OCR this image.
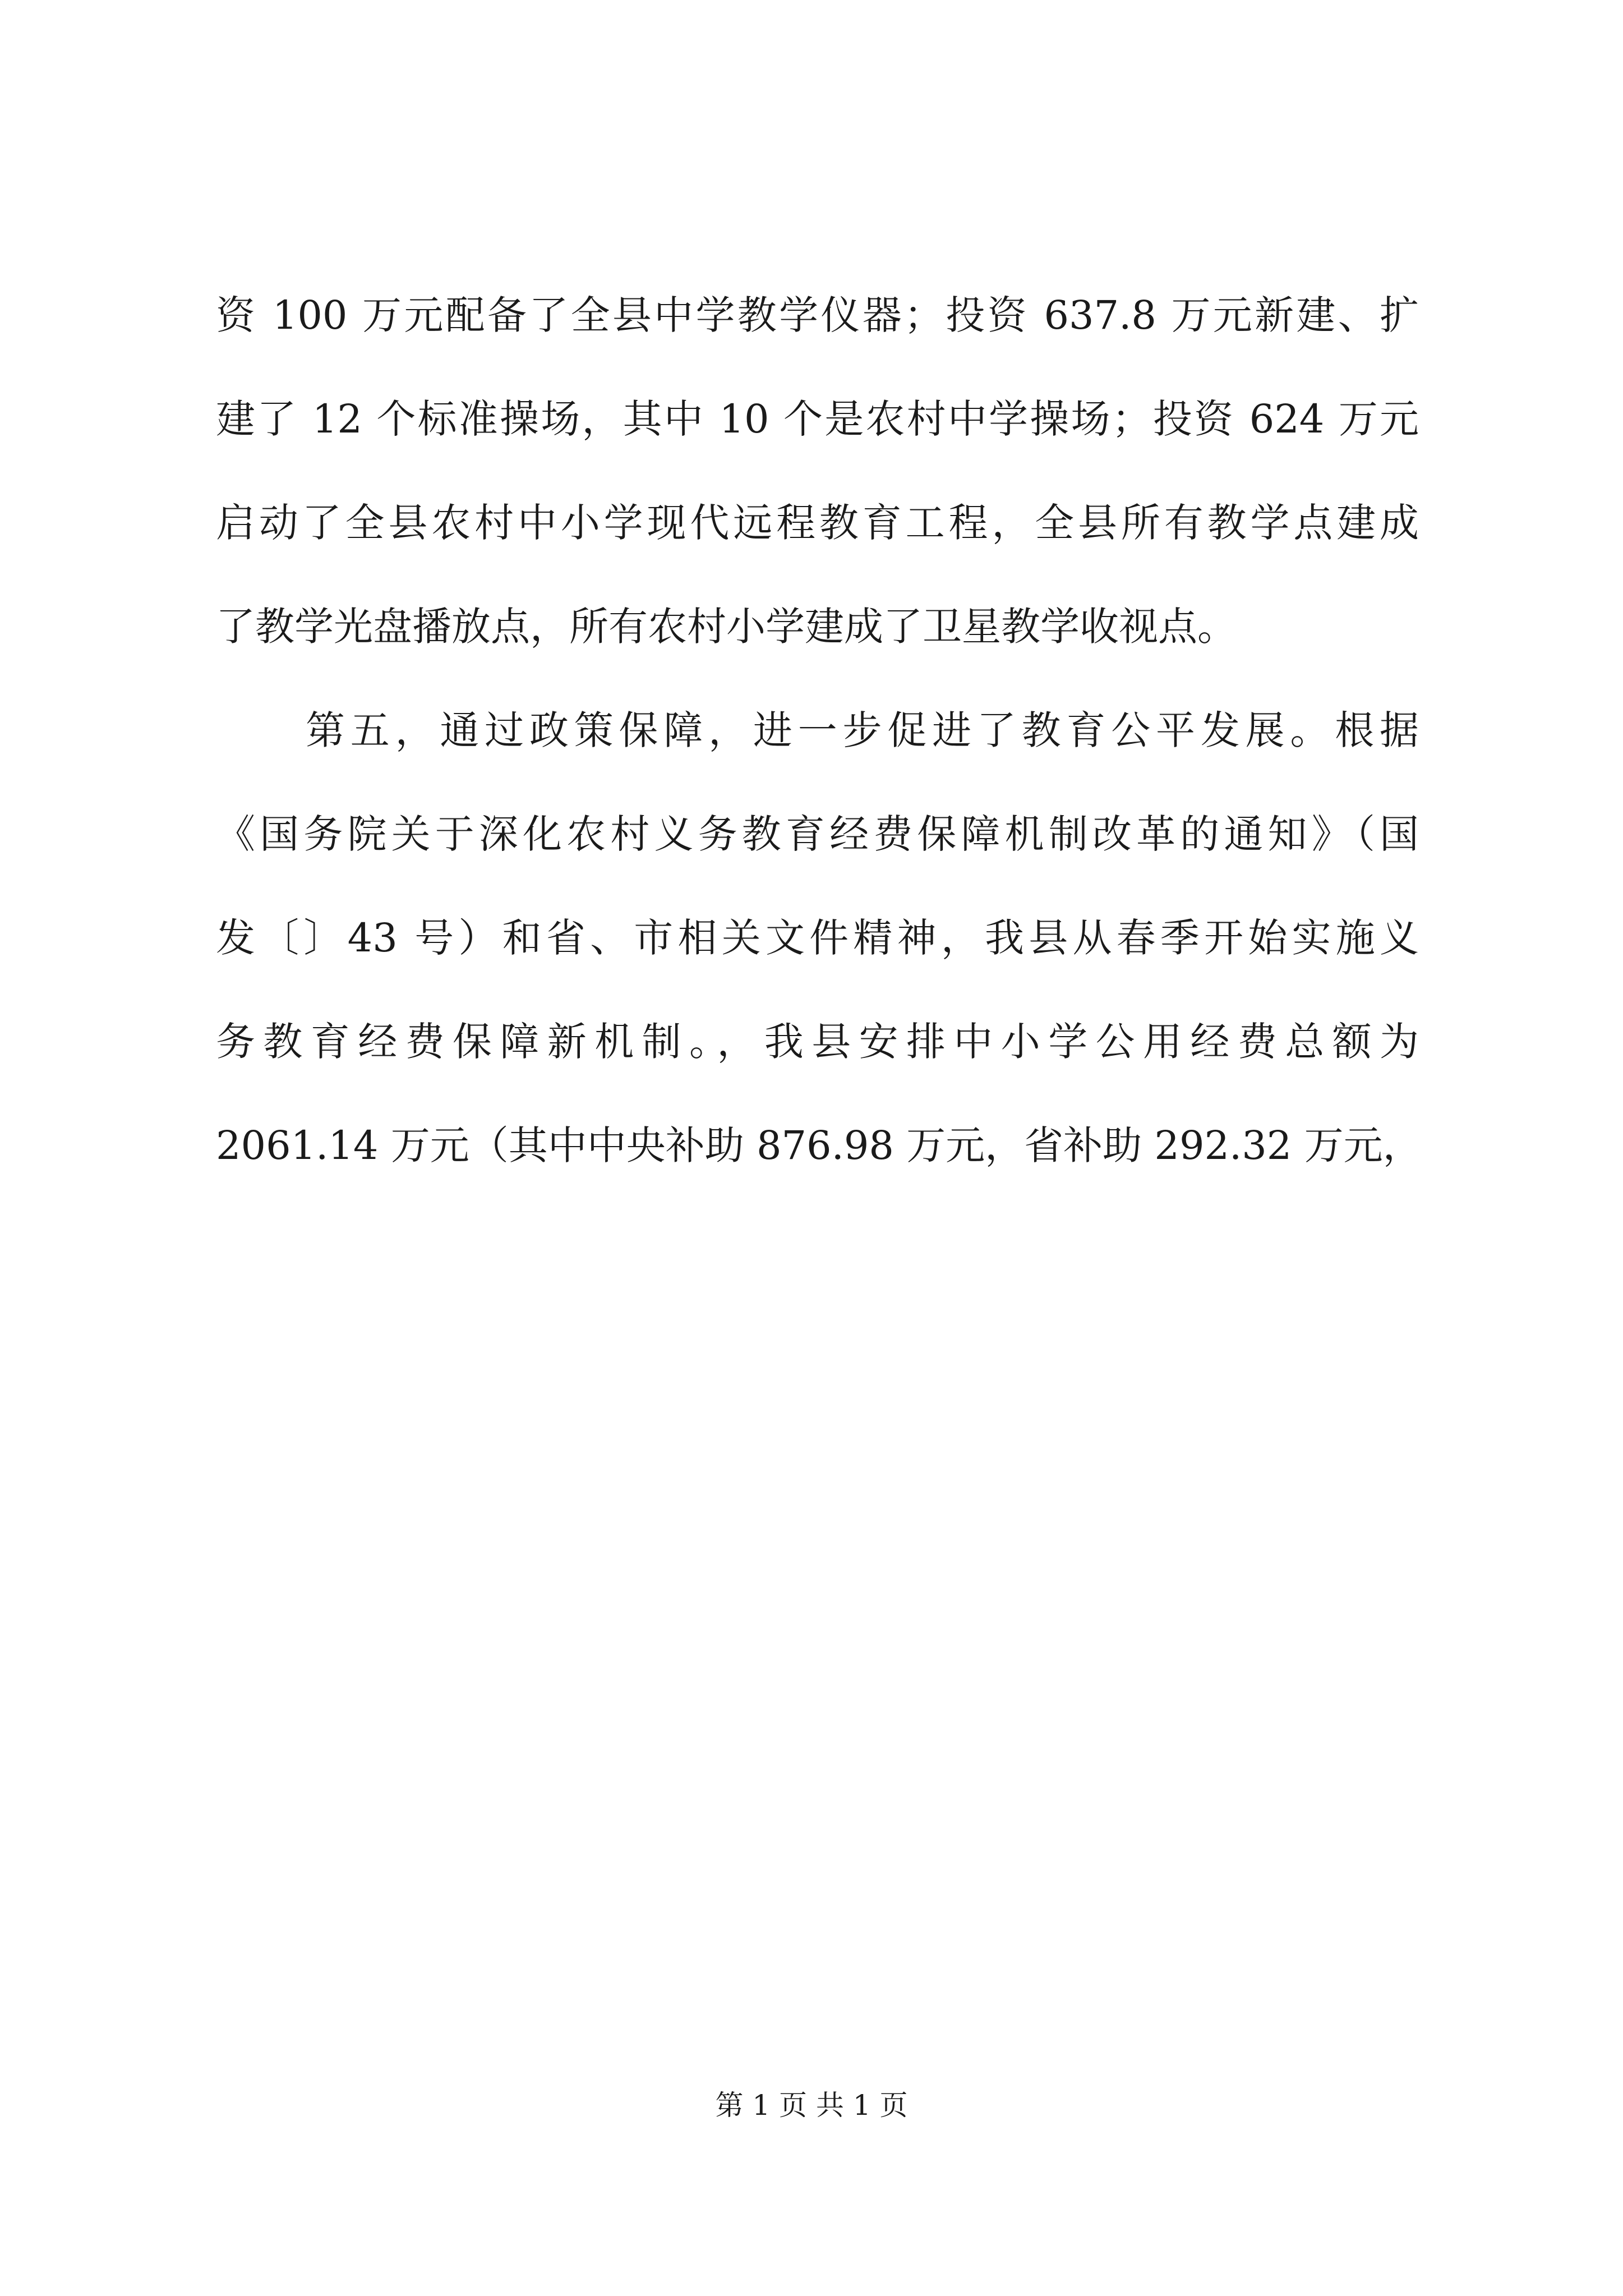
资 100 万元配备了全县中学教学仪器；投资 637.8 万元新建、扩
建了 12 个标准操场，其中 10 个是农村中学操场；投资 624 万元
启动了全县农村中小学现代远程教育工程，全县所有教学点建成
了教学光盘播放点，所有农村小学建成了卫星教学收视点。
第五，通过政策保障，进一步促进了教育公平发展。根据
《国务院关于深化农村义务教育经费保障机制改革的通知》（国
发〔〕43 号）和省、市相关文件精神，我县从春季开始实施义
务教育经费保障新机制。，我县安排中小学公用经费总额为
2061.14 万元（其中中央补助 876.98 万元，省补助 292.32 万元，
第 1 页 共 1 页
